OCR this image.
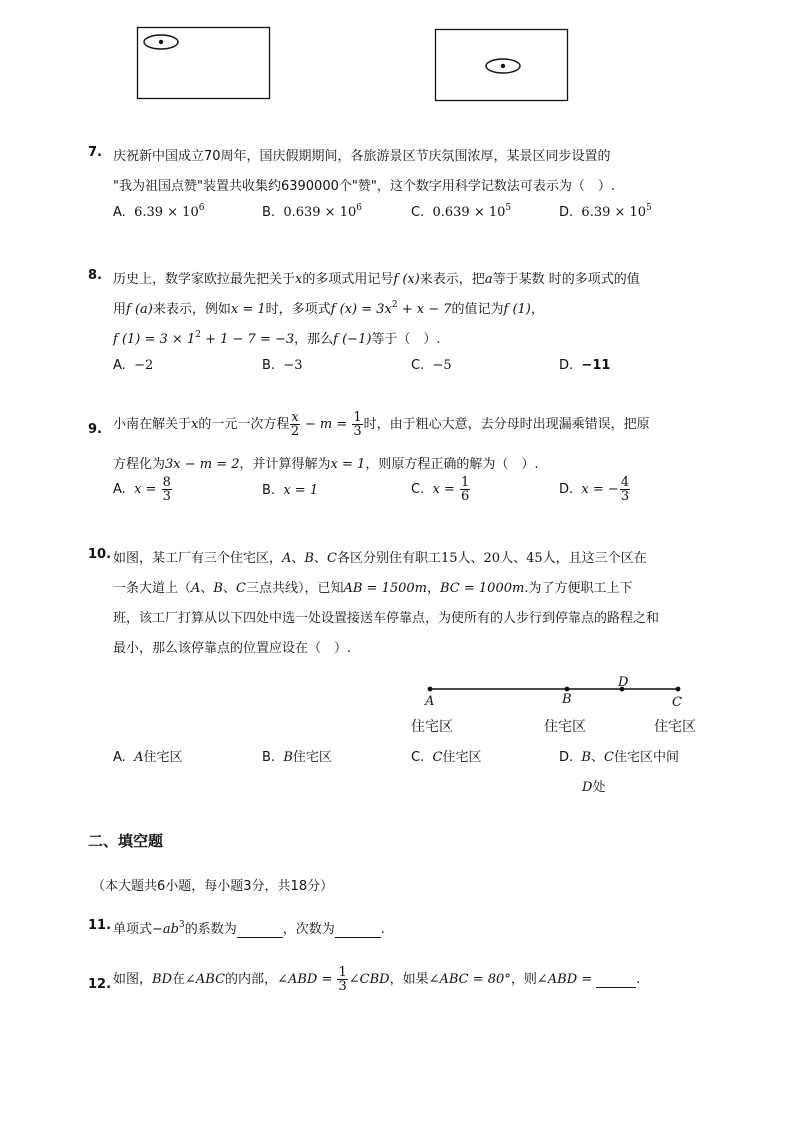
7. 庆祝新中国成立70周年，国庆假期期间，各旅游景区节庆氛围浓厚，某景区同步设置的
"我为祖国点赞"装置共收集约6390000个"赞"，这个数字用科学记数法可表示为（　）.
A. $6.39 \times 10^6$	B. $0.639 \times 10^6$	C. $0.639 \times 10^5$	D. $6.39 \times 10^5$
8. 历史上，数学家欧拉最先把关于x的多项式用记号f (x)来表示，把a等于某数 时的多项式的值
用f (a)来表示，例如x = 1时，多项式f $(x) = 3x^2 + x - 7$的值记为f (1)，
f $(1) = 3 \times 1^2 + 1 - 7 = -3$，那么f (−1)等于（　）.
A. −2	B. −3	C. −5	D. −11
9. 小南在解关于x的一元一次方程 $\frac{x}{2} - m = \frac{1}{3}$ 时，由于粗心大意，去分母时出现漏乘错误，把原
方程化为3x − m = 2，并计算得解为x = 1，则原方程正确的解为（　）.
A. $x = \frac{8}{3}$	B. x = 1	C. $x = \frac{1}{6}$	D. x = − $\frac{4}{3}$
10. 如图，某工厂有三个住宅区，A、B、C各区分别住有职工15人、20人、45人，且这三个区在
一条大道上（A、B、C三点共线），已知AB = 1500m，BC = 1000m.为了方便职工上下
班，该工厂打算从以下四处中选一处设置接送车停靠点，为使所有的人步行到停靠点的路程之和
最小，那么该停靠点的位置应设在（　）.
A	B
D
C
住宅区	住宅区	住宅区
A. A住宅区	B. B住宅区	C. C住宅区	D. B、C住宅区中间
D处
二、填空题
（本大题共6小题，每小题3分，共18分）
11. 单项式$-ab^3$的系数为	，次数为	.
12. 如图，BD在∠ABC的内部，∠ABD = $\frac{1}{3}$ ∠CBD，如果∠ABC = 80°，则∠ABD =	.
